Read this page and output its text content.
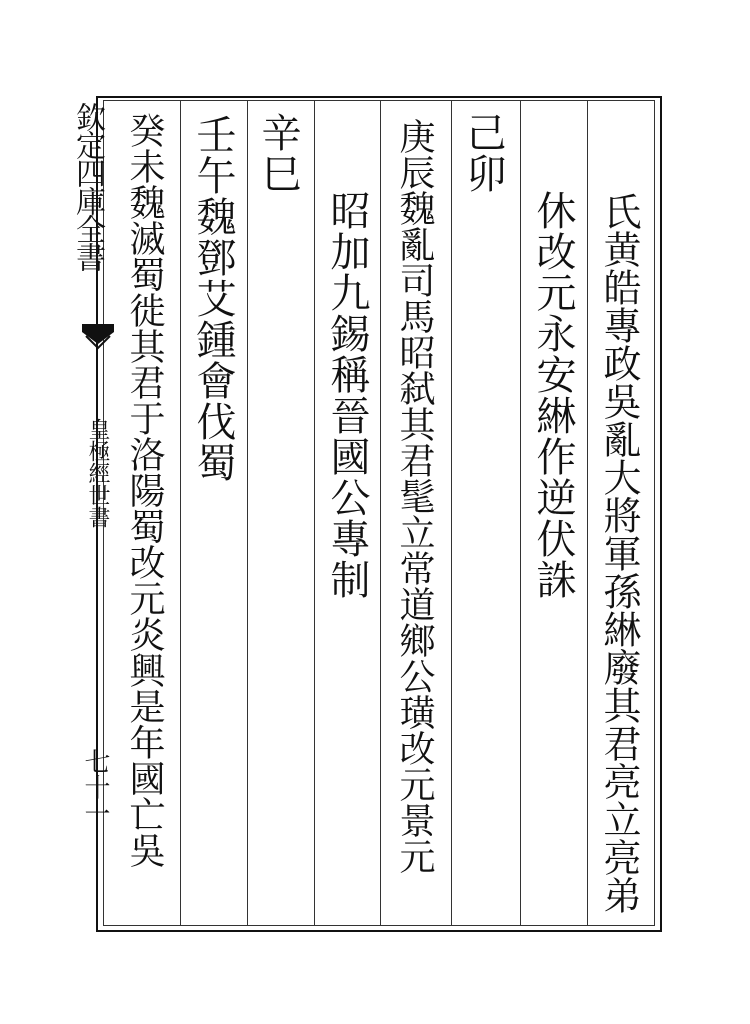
欽定四庫全書
皇極經世書
七十一	氏黄皓專政吳亂大將軍孫綝廢其君亮立亮弟
休改元永安綝作逆伏誅
己卯
庚辰魏亂司馬昭弑其君髦立常道鄉公璜改元景元
昭加九錫稱晉國公專制
辛巳
壬午魏鄧艾鍾會伐蜀
癸未魏滅蜀徙其君于洛陽蜀改元炎興是年國亡吳
